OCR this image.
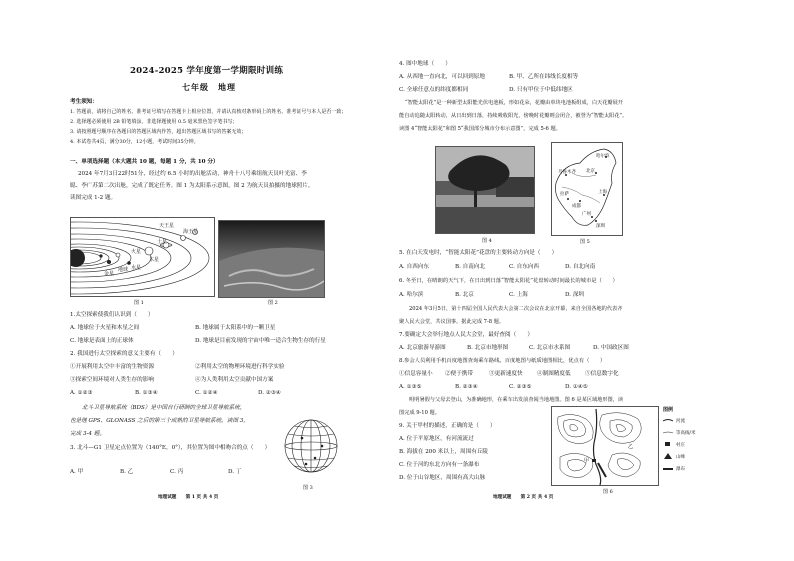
2024-2025 学年度第一学期限时训练
七年级　地理
考生须知：
1. 答题前，请将自己的姓名、准考证号填写在答题卡上相应位置，并请认真核对条形码上的姓名、准考证号与本人是否一致；
2. 选择题必须使用 2B 铅笔填涂，非选择题使用 0.5 毫米黑色签字笔书写；
3. 请按照题号顺序在各题目的答题区域内作答，超出答题区域书写的答案无效；
4. 本试卷共4页，满分30分，12小题，考试时间35分钟。
一、单项选择题（本大题共 10 题，每题 1 分，共 10 分）
2024 年7月3日22时51分，经过约 6.5 小时的出舱活动，神舟十八号乘组航天员叶光富、李
聪、李广苏第二次出舱，完成了既定任务。图 1 为太阳系示意图，图 2 为航天员拍摄的地球照片，
读图完成 1-2 题。
天王星
海王星
土星
木星
火星
地球
金星
水星
图 1	图 2
1.太空探索使我们认识到（　　）
A. 地球位于火星和木星之间	B. 地球属于太阳系中的一颗卫星
C. 地球是表面上的正球体	D. 地球是目前发现的宇宙中唯一适合生物生存的行星
2. 我国进行太空探索的意义主要有（　　）
①开展利用太空中丰富的生物资源	②利用太空的物理环境进行科学实验
③探索空间环境对人类生存的影响	④为人类利用太空贡献中国方案
A. ①②③	B. ①③④	C. ①②④	D. ②③④
北斗卫星导航系统（BDS）是中国自行研制的全球卫星导航系统，
也是继 GPS、GLONASS 之后的第三个成熟的卫星导航系统。读图 3，
完成 3-4 题。
3. 北斗—G1 卫星定点位置为（140°E，0°），其位置为图中相吻合的点（　　）
A. 甲	B. 乙	C. 丙	D. 丁
图 3
地理试题　　第 1 页 共 4 页
4. 图中地球（　　）
A. 从西地一直向北，可以回到原地	B. 甲、乙所在纬线长度相等
C. 全球任意点的纬度都相同	D. 只有甲位于中低纬地区
“智能太阳花”是一种新型太阳能光伏电池板，形如花朵，花瓣由单块电池板组成，白天花瓣展开
能自动追随太阳转动，从日出到日落，持续吸收阳光，傍晚时花瓣则会闭合，被誉为“智能太阳花”。
读图 4“智能太阳花”和图 5“我国部分城市分布示意图”，完成 5-6 题。
图 4
哈尔滨
北京
上海
成都
广州
深圳
乌鲁木齐
拉萨
图 5
5. 在白天发电时，“智能太阳花”花盘的主要转动方向是（　　）
A. 自西向东	B. 自南向北	C. 自东向西	D. 自北向南
6. 冬至日，在晴朗的天气下，在日出到日落“智能太阳花”花盘转动时间最长的城市是（　　）
A. 哈尔滨	B. 北京	C. 上海	D. 深圳
2024 年3月5日，第十四届全国人民代表大会第二次会议在北京开幕，来自全国各地的代表齐
聚人民大会堂，共议国事。据此完成 7-8 题。
7.要确定大会举行地点人民大会堂，最好查阅（　　）
A. 北京旅游导游图	B. 北京市地形图	C. 北京市水系图	D. 中国政区图
8.参会人员利用手机百度地图查询乘车路线。百度地图与纸质地图相比，优点有（　　）
①信息容量小 ②便于携带	③更新速度快	④制图精度低	⑤信息数字化
A. ①③⑤	B. ②③④	C. ②③⑤	D. ①④⑤
明明暑假与父母去登山，为准确地形，在乘车出发前查阅当地地图。图 6 是某区域地形图，读
图完成 9-10 题。
9. 关于甲村的描述，正确的是（　　）
A. 位于平原地区，有河流流过
B. 海拔在 200 米以上，周围有丘陵
C. 位于河的东北方向有一条瀑布
D. 位于山谷地区，周围有高大山脉
甲
乙
图例
河流
等高线/米
村庄
山峰
瀑布
图 6
地理试题　　第 2 页 共 4 页
